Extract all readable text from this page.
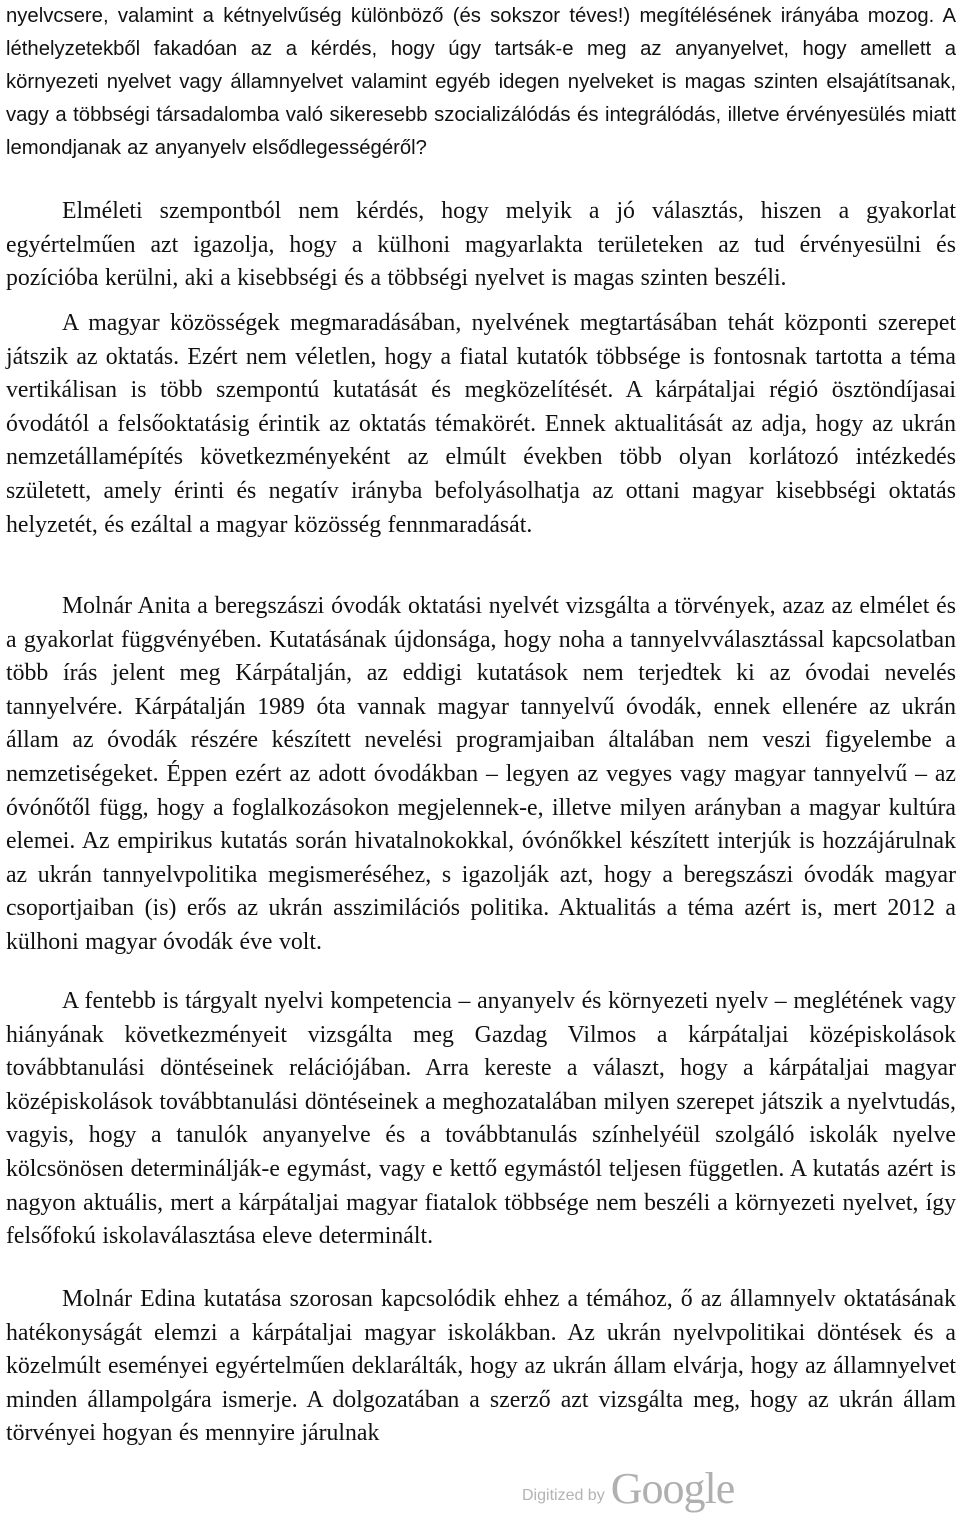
nyelvcsere, valamint a kétnyelvűség különböző (és sokszor téves!) megítélésének irányába mozog. A léthelyzetekből fakadóan az a kérdés, hogy úgy tartsák-e meg az anyanyelvet, hogy amellett a környezeti nyelvet vagy államnyelvet valamint egyéb idegen nyelveket is magas szinten elsajátítsanak, vagy a többségi társadalomba való sikeresebb szocializálódás és integrálódás, illetve érvényesülés miatt lemondjanak az anyanyelv elsődlegességéről?

Elméleti szempontból nem kérdés, hogy melyik a jó választás, hiszen a gyakorlat egyértelműen azt igazolja, hogy a külhoni magyarlakta területeken az tud érvényesülni és pozícióba kerülni, aki a kisebbségi és a többségi nyelvet is magas szinten beszéli.

A magyar közösségek megmaradásában, nyelvének megtartásában tehát központi szerepet játszik az oktatás. Ezért nem véletlen, hogy a fiatal kutatók többsége is fontosnak tartotta a téma vertikálisan is több szempontú kutatását és megközelítését. A kárpátaljai régió ösztöndíjasai óvodától a felsőoktatásig érintik az oktatás témakörét. Ennek aktualitását az adja, hogy az ukrán nemzetállamépítés következményeként az elmúlt években több olyan korlátozó intézkedés született, amely érinti és negatív irányba befolyásolhatja az ottani magyar kisebbségi oktatás helyzetét, és ezáltal a magyar közösség fennmaradását.

Molnár Anita a beregszászi óvodák oktatási nyelvét vizsgálta a törvények, azaz az elmélet és a gyakorlat függvényében. Kutatásának újdonsága, hogy noha a tannyelvválasztással kapcsolatban több írás jelent meg Kárpátalján, az eddigi kutatások nem terjedtek ki az óvodai nevelés tannyelvére. Kárpátalján 1989 óta vannak magyar tannyelvű óvodák, ennek ellenére az ukrán állam az óvodák részére készített nevelési programjaiban általában nem veszi figyelembe a nemzetiségeket. Éppen ezért az adott óvodákban – legyen az vegyes vagy magyar tannyelvű – az óvónőtől függ, hogy a foglalkozásokon megjelennek-e, illetve milyen arányban a magyar kultúra elemei. Az empirikus kutatás során hivatalnokokkal, óvónőkkel készített interjúk is hozzájárulnak az ukrán tannyelvpolitika megismeréséhez, s igazolják azt, hogy a beregszászi óvodák magyar csoportjaiban (is) erős az ukrán asszimilációs politika. Aktualitás a téma azért is, mert 2012 a külhoni magyar óvodák éve volt.

A fentebb is tárgyalt nyelvi kompetencia – anyanyelv és környezeti nyelv – meglétének vagy hiányának következményeit vizsgálta meg Gazdag Vilmos a kárpátaljai középiskolások továbbtanulási döntéseinek relációjában. Arra kereste a választ, hogy a kárpátaljai magyar középiskolások továbbtanulási döntéseinek a meghozatalában milyen szerepet játszik a nyelvtudás, vagyis, hogy a tanulók anyanyelve és a továbbtanulás színhelyéül szolgáló iskolák nyelve kölcsönösen determinálják-e egymást, vagy e kettő egymástól teljesen független. A kutatás azért is nagyon aktuális, mert a kárpátaljai magyar fiatalok többsége nem beszéli a környezeti nyelvet, így felsőfokú iskolaválasztása eleve determinált.

Molnár Edina kutatása szorosan kapcsolódik ehhez a témához, ő az államnyelv oktatásának hatékonyságát elemzi a kárpátaljai magyar iskolákban. Az ukrán nyelvpolitikai döntések és a közelmúlt eseményei egyértelműen deklarálták, hogy az ukrán állam elvárja, hogy az államnyelvet minden állampolgára ismerje. A dolgozatában a szerző azt vizsgálta meg, hogy az ukrán állam törvényei hogyan és mennyire járulnak

Digitized by Google
